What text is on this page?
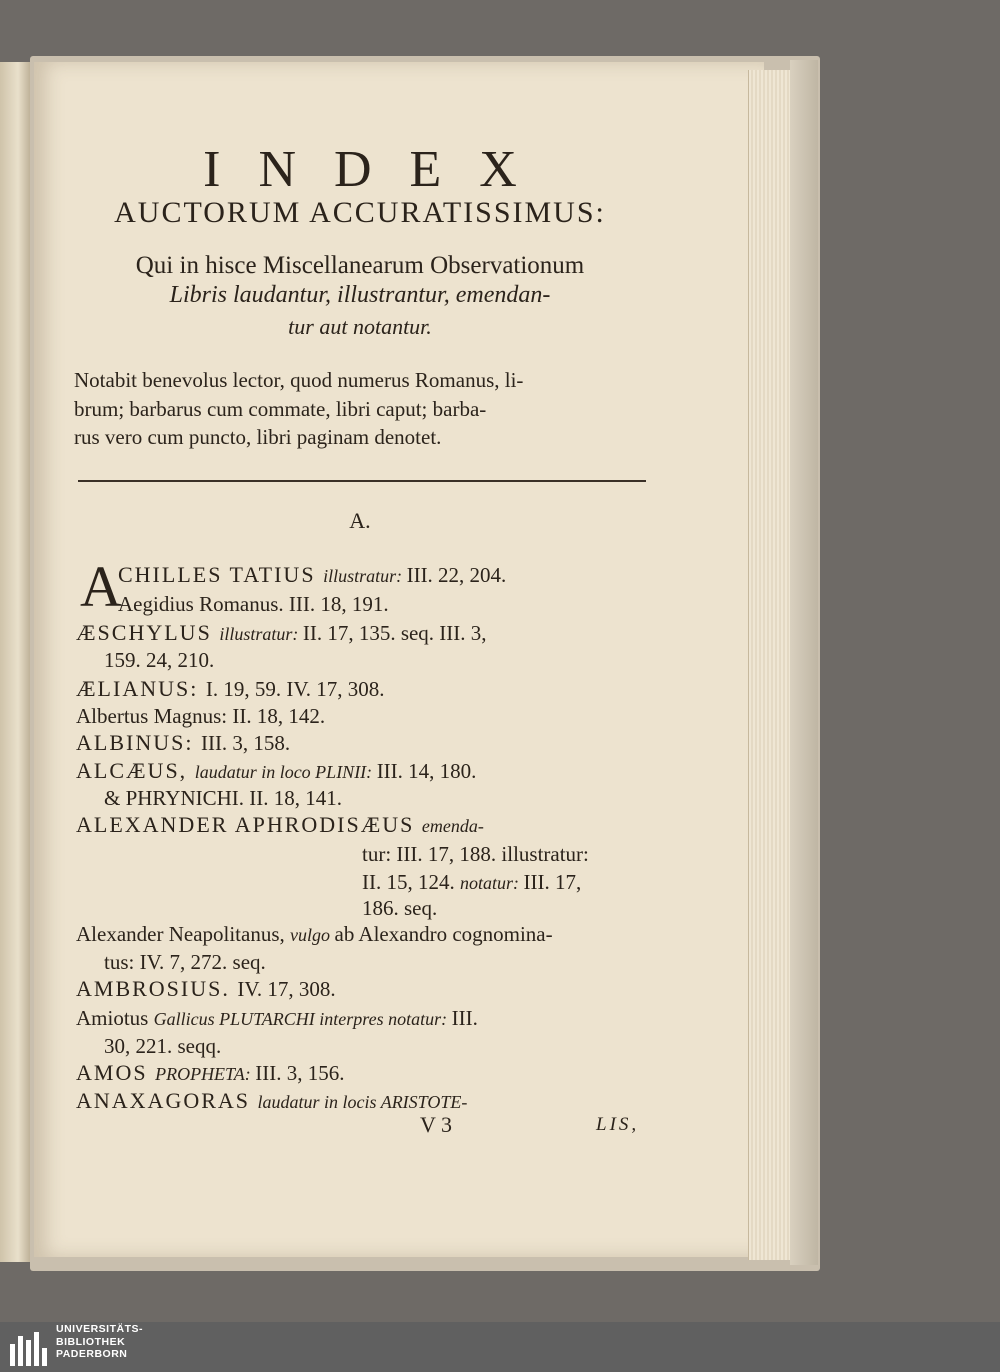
INDEX
AUCTORUM ACCURATISSIMUS:
Qui in hisce Miscellanearum Observationum
Libris laudantur, illustrantur, emendan-
tur aut notantur.
Notabit benevolus lector, quod numerus Romanus, li-
brum; barbarus cum commate, libri caput; barba-
rus vero cum puncto, libri paginam denotet.
A.
A
CHILLES TATIUS illustratur: III. 22, 204.
Aegidius Romanus. III. 18, 191.
ÆSCHYLUS illustratur: II. 17, 135. seq. III. 3,
159. 24, 210.
ÆLIANUS: I. 19, 59. IV. 17, 308.
Albertus Magnus: II. 18, 142.
ALBINUS: III. 3, 158.
ALCÆUS, laudatur in loco PLINII: III. 14, 180.
& PHRYNICHI. II. 18, 141.
ALEXANDER APHRODISÆUS emenda-
tur: III. 17, 188. illustratur:
II. 15, 124. notatur: III. 17,
186. seq.
Alexander Neapolitanus, vulgo ab Alexandro cognomina-
tus: IV. 7, 272. seq.
AMBROSIUS. IV. 17, 308.
Amiotus Gallicus PLUTARCHI interpres notatur: III.
30, 221. seqq.
AMOS PROPHETA: III. 3, 156.
ANAXAGORAS laudatur in locis ARISTOTE-
V 3	LIS,
UNIVERSITÄTS-
BIBLIOTHEK
PADERBORN
